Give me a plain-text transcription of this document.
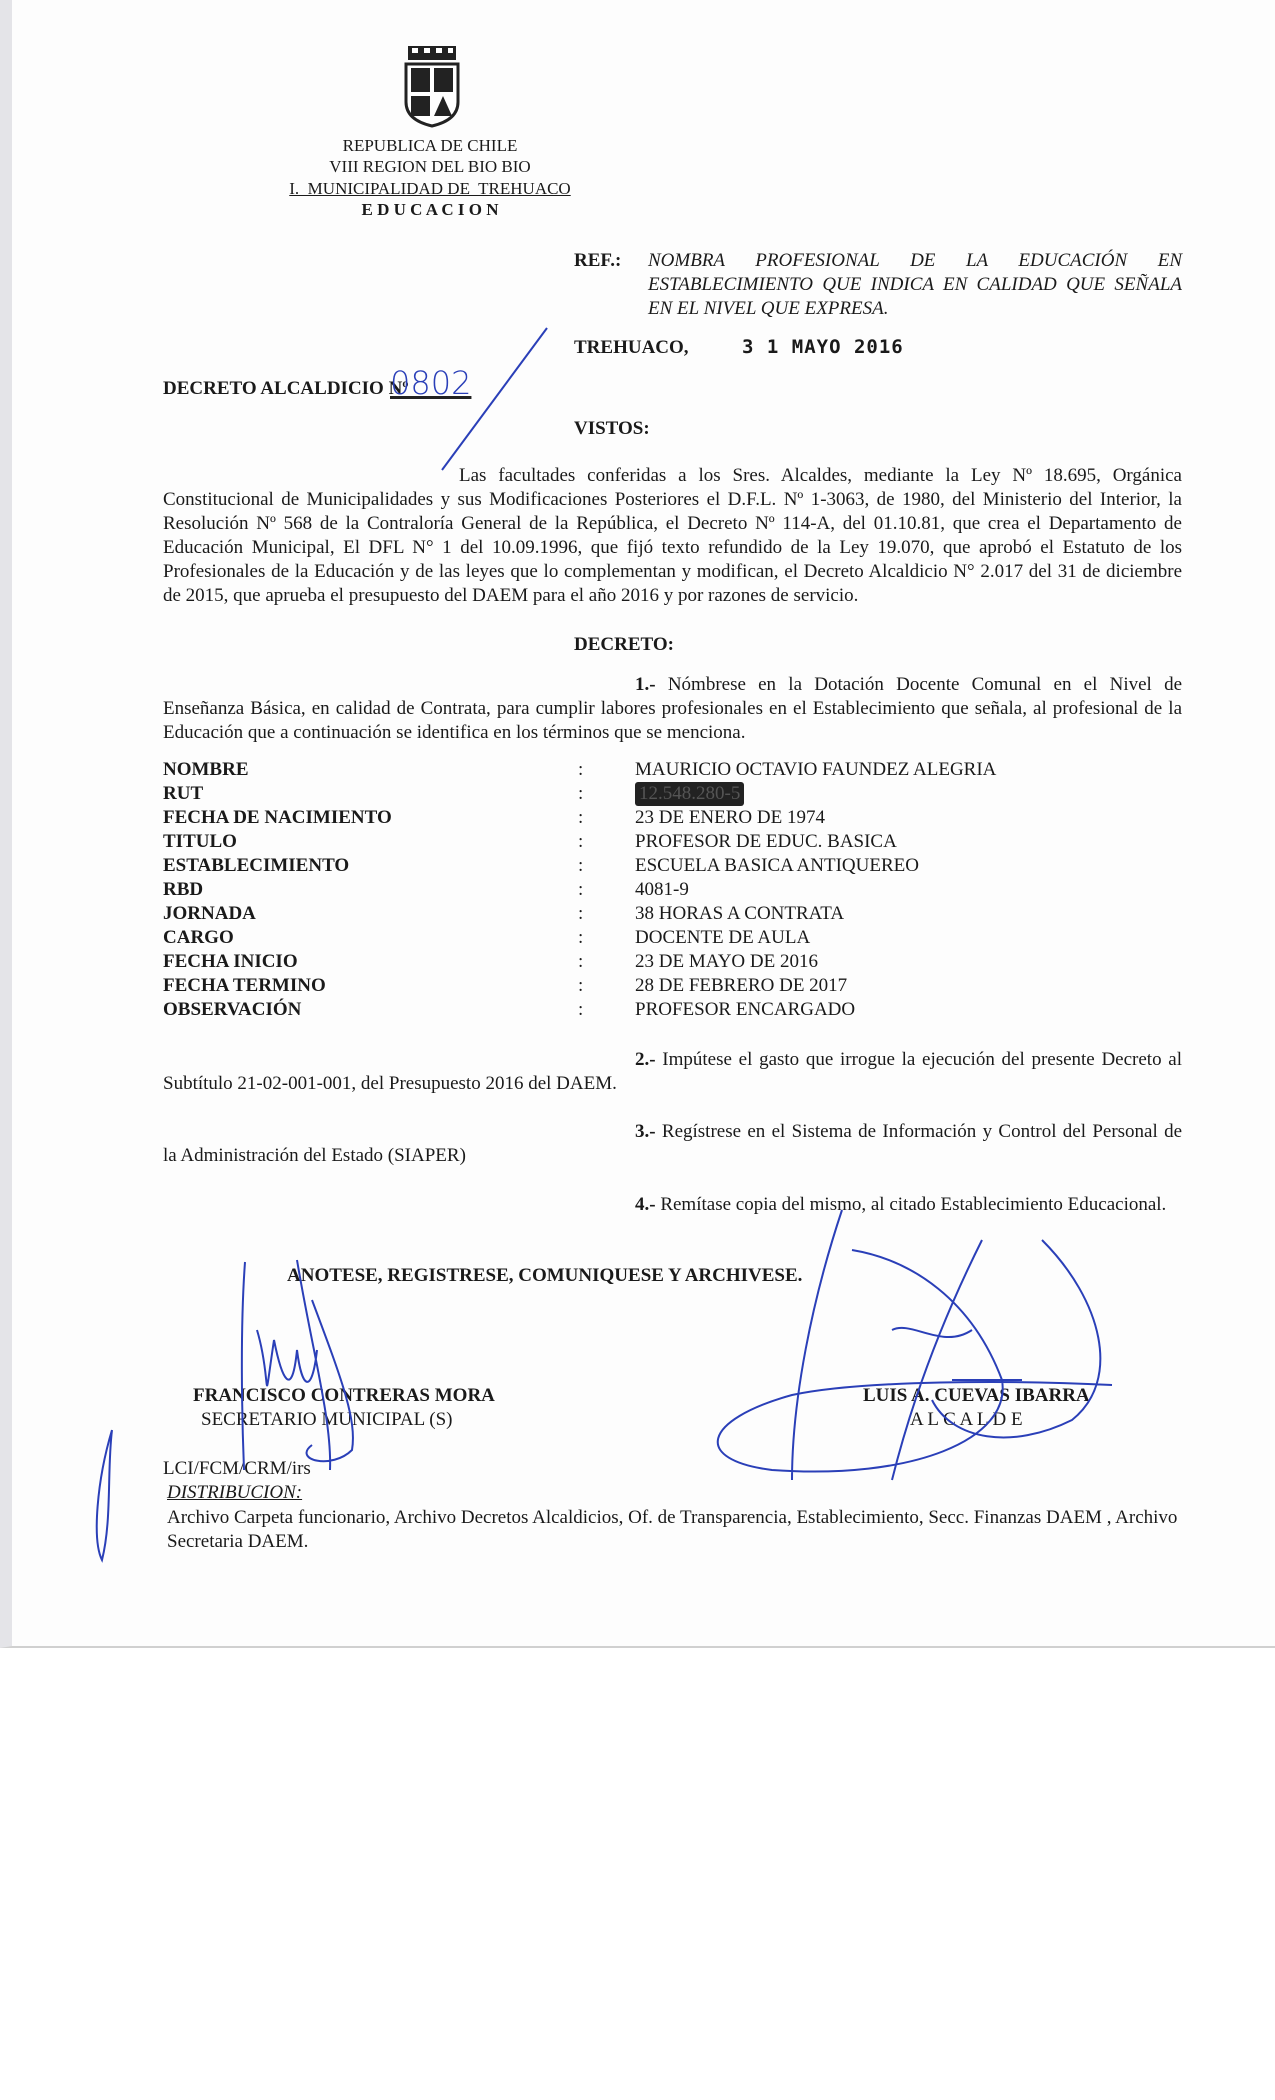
REPUBLICA DE CHILE
VIII REGION DEL BIO BIO
I.  MUNICIPALIDAD DE  TREHUACO
E D U C A C I O N
REF.: NOMBRA PROFESIONAL DE LA EDUCACIÓN EN ESTABLECIMIENTO QUE INDICA EN CALIDAD QUE SEÑALA EN EL NIVEL QUE EXPRESA.
TREHUACO,	3 1 MAYO 2016
DECRETO ALCALDICIO Nº
0802
VISTOS:
Las facultades conferidas a los Sres. Alcaldes, mediante la Ley Nº 18.695, Orgánica Constitucional de Municipalidades y sus Modificaciones Posteriores el D.F.L. Nº 1-3063, de 1980, del Ministerio del Interior, la Resolución Nº 568 de la Contraloría General de la República, el Decreto Nº 114-A, del 01.10.81, que crea el Departamento de Educación Municipal, El DFL N° 1 del 10.09.1996, que fijó texto refundido de la Ley 19.070, que aprobó el Estatuto de los Profesionales de la Educación y de las leyes que lo complementan y modifican, el Decreto Alcaldicio N° 2.017 del 31 de diciembre de 2015, que aprueba el presupuesto del DAEM para el año 2016 y por razones de servicio.
DECRETO:
1.- Nómbrese en la Dotación Docente Comunal en el Nivel de Enseñanza Básica, en calidad de Contrata, para cumplir labores profesionales en el Establecimiento que señala, al profesional de la Educación que a continuación se identifica en los términos que se menciona.
NOMBRE	:	MAURICIO OCTAVIO FAUNDEZ ALEGRIA
RUT	:	12.548.280-5
FECHA DE NACIMIENTO	:	23 DE ENERO DE 1974
TITULO	:	PROFESOR DE EDUC. BASICA
ESTABLECIMIENTO	:	ESCUELA BASICA ANTIQUEREO
RBD	:	4081-9
JORNADA	:	38 HORAS A CONTRATA
CARGO	:	DOCENTE DE AULA
FECHA INICIO	:	23 DE MAYO DE 2016
FECHA TERMINO	:	28 DE FEBRERO DE 2017
OBSERVACIÓN	:	PROFESOR ENCARGADO
2.- Impútese el gasto que irrogue la ejecución del presente Decreto al Subtítulo 21-02-001-001, del Presupuesto 2016 del DAEM.
3.- Regístrese en el Sistema de Información y Control del Personal de la Administración del Estado (SIAPER)
4.- Remítase copia del mismo, al citado Establecimiento Educacional.
ANOTESE, REGISTRESE, COMUNIQUESE Y ARCHIVESE.
FRANCISCO CONTRERAS MORA
SECRETARIO MUNICIPAL (S)
LUIS A. CUEVAS IBARRA
A L C A L D E
LCI/FCM/CRM/irs
DISTRIBUCION:
Archivo Carpeta funcionario, Archivo Decretos Alcaldicios, Of. de Transparencia, Establecimiento, Secc. Finanzas DAEM , Archivo Secretaria DAEM.
